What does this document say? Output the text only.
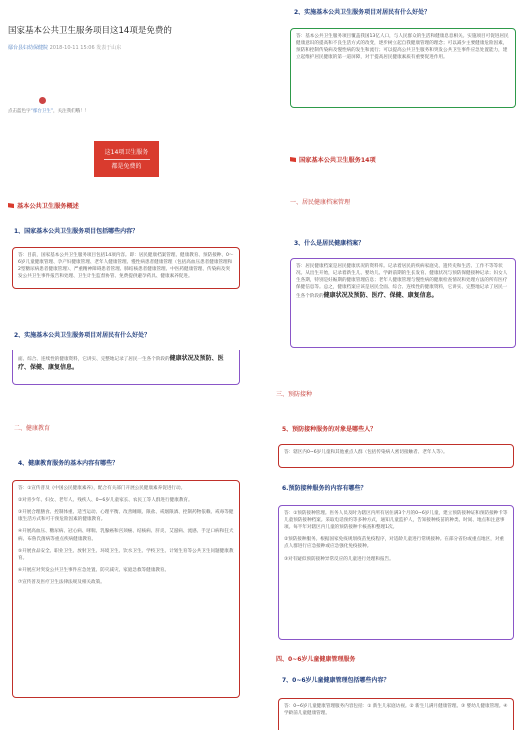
国家基本公共卫生服务项目这14项是免费的
鄢台县妇幼保健院 2018-10-11 15:06 发表于山东
点击蓝色字“鄢台卫生”，关注我们哦！！
这14项卫生服务
都是免费的
基本公共卫生服务概述
1、国家基本公共卫生服务项目包括哪些内容？

答：目前，国家基本公共卫生服务项目包括14项内容。即：居民健康档案管理、健康教育、预防接种、0～6岁儿童健康管理、孕产妇健康管理、老年人健康管理、慢性病患者健康管理（包括高血压患者健康管理和2型糖尿病患者健康管理）、严重精神障碍患者管理、肺结核患者健康管理、中医药健康管理、传染病及突发公共卫生事件报告和处理、卫生计生监督协管、免费提供避孕药具、健康素养促进。

2、实施基本公共卫生服务项目对居民有什么好处？

面、综合、连续性的健康资料，它讲实、完整地记录了居民一生各个阶段的健康状况及预防、医疗、保健、康复信息。

二、健康教育
4、健康教育服务的基本内容有哪些？

答：①宣传普及《中国公民健康素养》，配合有关部门开展公民健康素养促进行动。

②对青少年、妇女、老年人、残疾人、0~6岁儿童家长、农民工等人群进行健康教育。

③开展合理膳食、控制体重、适当运动、心理平衡、改善睡眠、限盐、戒烟限酒、控制药物依赖、戒毒等健康生活方式和可干预危险因素的健康教育。

④开展高血压、糖尿病、冠心病、哮喘、乳腺癌和宫颈癌、结核病、肝炎、艾滋病、流感、手足口病和狂犬病、布鲁氏菌病等重点疾病健康教育。

⑤开展食品安全、职业卫生、放射卫生、环境卫生、饮水卫生、学校卫生、计划生育等公共卫生问题健康教育。

⑥开展应对突发公共卫生事件应急处置、防灾减灾、家庭急救等健康教育。

⑦宣传普及医疗卫生法律法规及相关政策。

2、实施基本公共卫生服务项目对居民有什么好处？

答：基本公共卫生服务项目覆盖我国13亿人口，与人民群众的生活和健康息息相关。实施项目可促进居民健康意识的提高和不良生活方式的改变，逐步树立起自我健康管理的理念；可以减少主要健康危险因素，预防和控制传染病及慢性病的发生和流行；可以提高公共卫生服务和突发公共卫生事件应急处置能力，建立起维护居民健康的第一道屏障，对于提高居民健康素质有重要促进作用。

国家基本公共卫生服务14项
一、居民健康档案管理
3、什么是居民健康档案？

答：居民健康档案是居民健康状况的资料库。记录着居民的疾病家庭史、遗传史和生活、工作不等等状况。从出生开始，记录着新生儿、婴幼儿、学龄前期的生长发育、健康状况与预防保健接种记录；妇女人生各期，特别是妊娠期的健康管理信息；老年人健康管理与慢性病的健康检查情况和处理方法的所有医疗保健信息等。总之，健康档案应该是居民全面、综合、连续性的健康资料，它讲实、完整地记录了居民一生各个阶段的健康状况及预防、医疗、保健、康复信息。

三、预防接种
5、预防接种服务的对象是哪些人？

答：辖区内0~6岁儿童和其他重点人群（包括传染病人密切接触者、老年人等）。

6.预防接种服务的内容有哪些？

答：①预防接种管理。医务人员及时为辖区内所有居住满3个月的0~6岁儿童，建立预防接种证和预防接种卡等儿童预防接种档案。采取电话预约等多种方式，通知儿童监护人，告知接种疫苗的种类、时间、地点和注意事项。每半年对辖区内儿童的预防接种卡核查和整理1次。

②预防接种服务。根据国家免疫规划疫苗免疫程序，对适龄儿童进行常规接种。在部分省份或重点地区，对重点人群进行应急接种或应急强化免疫接种。

③对有疑似预防接种异常反应的儿童进行处理和报告。

四、0~6岁儿童健康管理服务
7、0~6岁儿童健康管理包括哪些内容？

答：0~6岁儿童健康管理服务内容包括：① 新生儿家庭访视。② 新生儿满月健康管理。③ 婴幼儿健康管理。④ 学龄前儿童健康管理。
